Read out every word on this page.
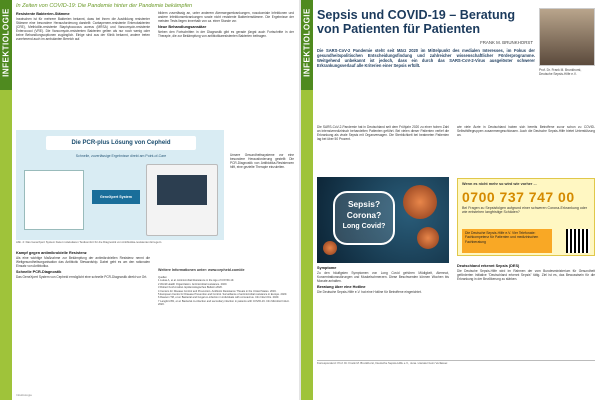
INFEKTIOLOGIE
In Zeiten von COVID-19: Die Pandemie hinter der Pandemie bekämpfen
Resistente Bakterien-Stämme

Inzwischen ist für mehrere Bakterien bekannt, dass bei ihnen die Ausbildung resistenter Stämme eine besondere Herausforderung darstellt: Carbapenem-resistente Enterobakterien (CRE), Methicillin-resistente Staphylococcus aureus (MRSA) und Vancomycin-resistente Enterococci (VRE). Die Vancomycin-resistenten Bakterien gelten als nur noch wenig oder keine Behandlungsoptionen zugänglich. Einige sind aus der Klinik bekannt, andere treten zunehmend auch im ambulanten Bereich auf.

bildern zuverlässig an, unter anderem Atemwegserkrankungen, nosokomiale Infektionen und andere Infektionserkrankungen sowie nicht resistente Bakterienstämme. Die Ergebnisse der meisten Tests liegen innerhalb von ca. einer Stunde vor.

Neue Behandlungsansätze

Neben den Fortschritten in der Diagnostik gibt es gerade jüngst auch Fortschritte in der Therapie, die zur Bekämpfung von antibiotikaresistenten Bakterien beitragen.

Unsere Gesundheitssysteme vor eine besondere Herausforderung gestellt: Die PCR-Diagnostik von Antibiotika-Resistenzen hilft, eine gezielte Therapie einzuleiten.

Die PCR-plus Lösung von Cepheid
Schnelle, zuverlässige Ergebnisse direkt am Point-of-Care
GeneXpert System
Abb. 2: Das GeneXpert System bietet molekularen Testkomfort für die Diagnostik von Antibiotika-resistenten Erregern.
Kampf gegen antimikrobielle Resistenz

Als eine wichtige Maßnahme zur Bekämpfung der antimikrobiellen Resistenz nennt die Weltgesundheitsorganisation das Antibiotic Stewardship. Dabei geht es um den rationalen Einsatz von Antibiotika.

Schnelle PCR-Diagnostik

Das GeneXpert System von Cepheid ermöglicht eine schnelle PCR-Diagnostik direkt vor Ort.

Weitere Informationen unter: www.cepheid.com/de
Quellen
1 Lukas A, et al. Antimicrobial Resistance in the Age of COVID-19.
2 World Health Organization. Antimicrobial resistance. 2020.
3 Robert Koch-Institut. Epidemiologisches Bulletin 2020.
4 Centers for Disease Control and Prevention. Antibiotic Resistance Threats in the United States. 2019.
5 European Centre for Disease Prevention and Control. Surveillance of antimicrobial resistance in Europe. 2020.
6 Rawson TM, et al. Bacterial and fungal co-infection in individuals with coronavirus. Clin Infect Dis. 2020.
7 Langford BJ, et al. Bacterial co-infection and secondary infection in patients with COVID-19. Clin Microbiol Infect. 2020.
Infektiologie
INFEKTIOLOGIE Sepsis und COVID-19 – Beratung von Patienten für Patienten
FRANK M. BRUNKHORST
Prof. Dr. Frank M. Brunkhorst, Deutsche Sepsis-Hilfe e.V.
Die SARS-CoV-2 Pandemie steht seit März 2020 im Mittelpunkt des medialen Interesses, im Fokus der gesundheitspolitischen Entscheidungsfindung und zahlreicher wissenschaftlicher Förderprogramme. Weitgehend unbekannt ist jedoch, dass ein durch das SARS-CoV-2-Virus ausgelöster schwerer Erkrankungsverlauf alle Kriterien einer Sepsis erfüllt.

Die SARS-CoV-2-Pandemie hat in Deutschland seit dem Frühjahr 2020 zu einer hohen Zahl an intensivmedizinisch behandelten Patienten geführt. Bei vielen dieser Patienten verlief die Erkrankung als virale Sepsis mit Organversagen. Die Sterblichkeit bei beatmeten Patienten lag bei über 50 Prozent.

wie viele Ärzte in Deutschland haben sich bereits Betroffene zuvor schon zu COVID-Selbsthilfegruppen zusammengeschlossen. Auch die Deutsche Sepsis-Hilfe bietet Unterstützung an.

Sepsis?
Corona?
Long Covid?
Wenn es nicht mehr so wird wie vorher ...
0700 737 747 00
Bei Fragen zu Sepsisfolgen aufgrund einer schweren Corona-Erkrankung oder wie entstehen langfristige Schäden?
Die Deutsche Sepsis-Hilfe e.V. Vier Telefonate: Fachkompetenz für Patienten und medizinischen Fachberatung
Symptome

Zu den häufigsten Symptomen von Long Covid gehören Müdigkeit, Atemnot, Konzentrationsstörungen und Muskelschmerzen. Diese Beschwerden können Wochen bis Monate anhalten.

Beratung über eine Hotline

Die Deutsche Sepsis-Hilfe e.V. hat eine Hotline für Betroffene eingerichtet.

Deutschland erkennt Sepsis (DES)

Die Deutsche Sepsis-Hilfe wird im Rahmen der vom Bundesministerium für Gesundheit geförderten Initiative "Deutschland erkennt Sepsis" tätig. Ziel ist es, das Bewusstsein für die Erkrankung in der Bevölkerung zu stärken.

Korrespondenz: Prof. Dr. Frank M. Brunkhorst, Deutsche Sepsis-Hilfe e.V., Jena. Literatur beim Verfasser.
